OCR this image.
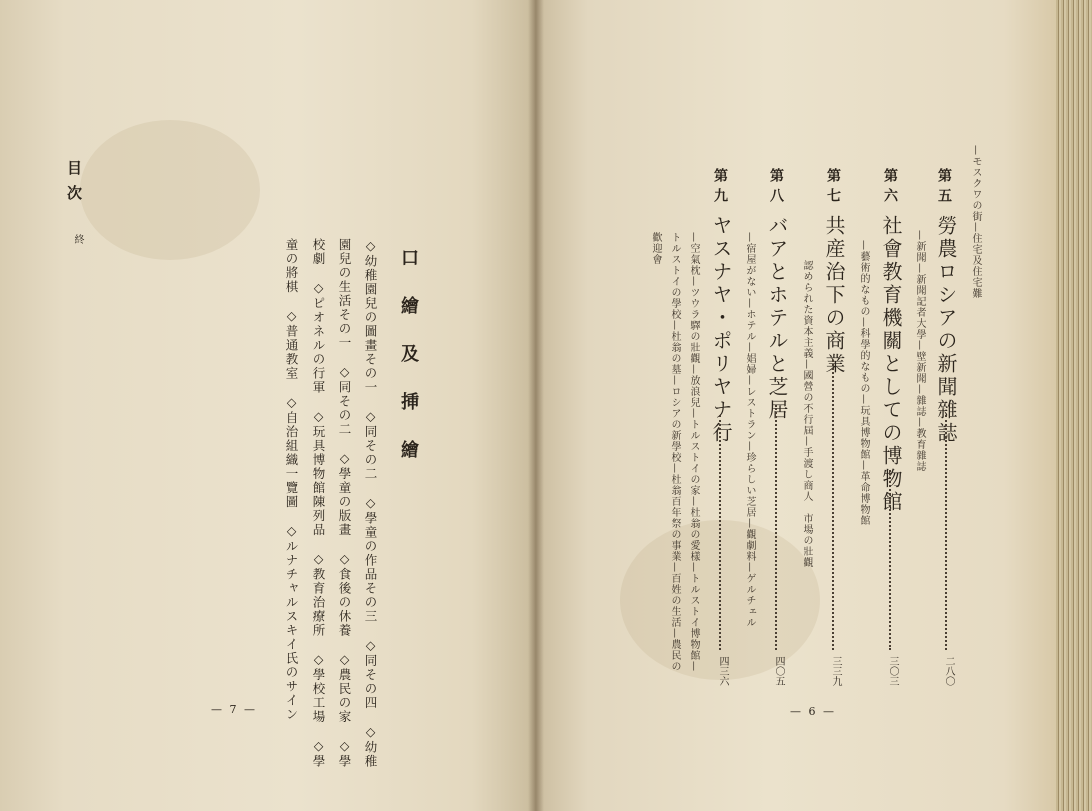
目次
終
口繪及挿繪
◇幼稚園兒の圖畫その一　◇同その二　◇學童の作品その三　◇同その四　◇幼稚
園兒の生活その一　◇同その二　◇學童の版畫　◇食後の休養　◇農民の家　◇學
校劇　◇ピオネルの行軍　◇玩具博物館陳列品　◇教育治療所　◇學校工場　◇學
童の將棋　◇普通教室　◇自治組織一覽圖　◇ルナチャルスキイ氏のサイン
— 7 —
—モスクワの街—住宅及住宅難
第五
勞農ロシアの新聞雜誌
—新聞—新聞記者大學—壁新聞—雜誌—教育雜誌
二八〇
第六
社會教育機關としての博物館
—藝術的なもの—科學的なもの—玩具博物館—革命博物館
三〇三
第七
共産治下の商業
認められた資本主義—國營の不行屆—手渡し商人　市場の壯觀
三三九
第八
バアとホテルと芝居
—宿屋がない—ホテル—娼婦—レストラン—珍らしい芝居—觀劇料—ゲルチェル
四〇五
第九
ヤスナヤ・ポリヤナ行
—空氣枕—ツウラ驛の壯觀—放浪兒—トルストイの家—杜翁の愛樣—トルストイ博物館— 四三六
トルストイの學校—杜翁の墓—ロシアの新學校—杜翁百年祭の事業—百姓の生活—農民の
歡迎會
— 6 —
